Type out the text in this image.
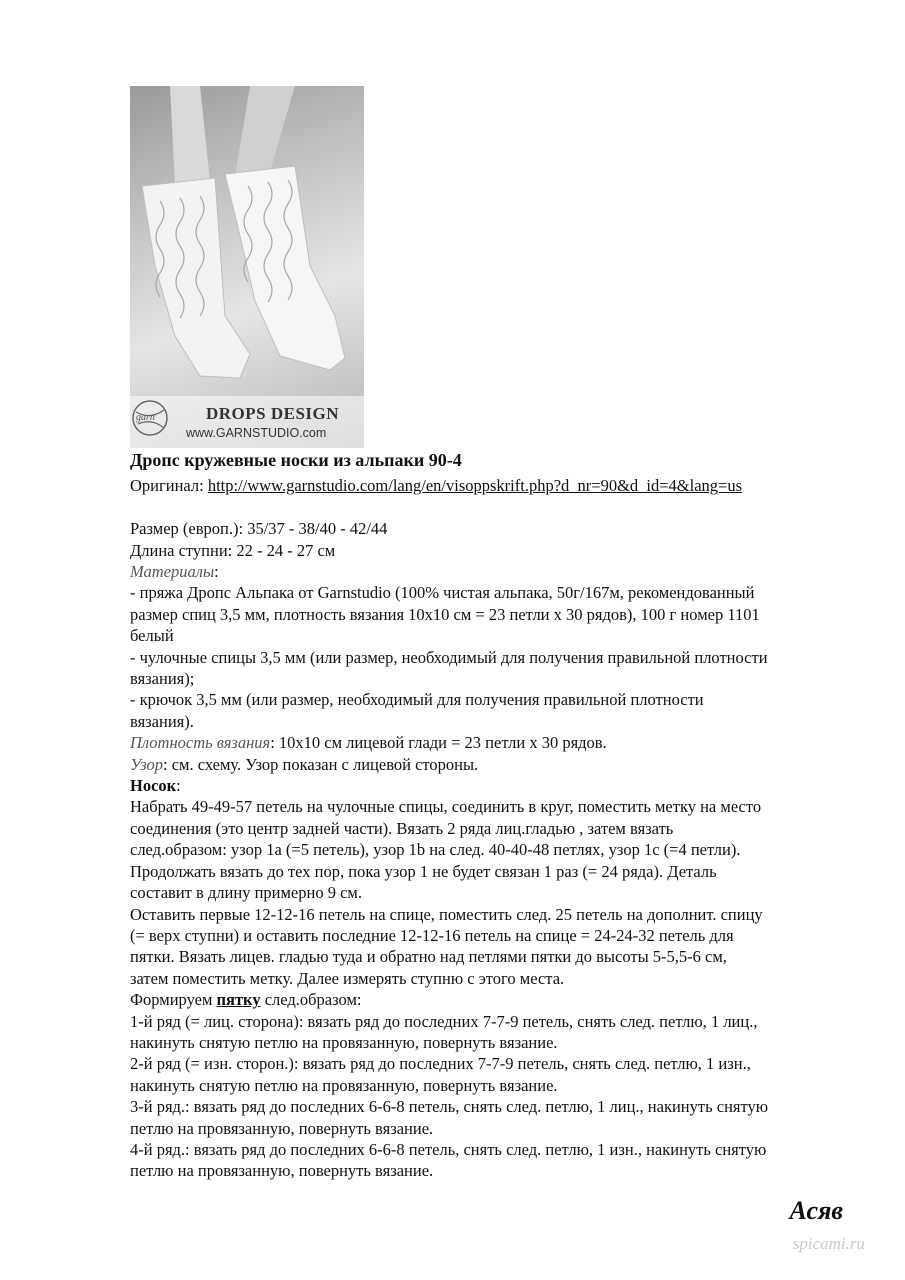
garn	DROPS DESIGN
www.GARNSTUDIO.com
Дропс кружевные носки из альпаки 90-4

Оригинал: http://www.garnstudio.com/lang/en/visoppskrift.php?d_nr=90&d_id=4&lang=us

Размер (европ.): 35/37 - 38/40 - 42/44

Длина ступни: 22 - 24 - 27 см

Материалы:

- пряжа Дропс Альпака от Garnstudio (100% чистая альпака, 50г/167м, рекомендованный

размер спиц 3,5 мм, плотность вязания 10х10 см = 23 петли х 30 рядов), 100 г номер 1101

белый

- чулочные спицы 3,5 мм (или размер, необходимый для получения правильной плотности

вязания);

- крючок 3,5 мм (или размер, необходимый для получения правильной плотности

вязания).

Плотность вязания: 10х10 см лицевой глади = 23 петли х 30 рядов.

Узор: см. схему. Узор показан с лицевой стороны.

Носок:

Набрать 49-49-57 петель на чулочные спицы, соединить в круг, поместить метку на место

соединения (это центр задней части). Вязать 2 ряда лиц.гладью , затем вязать

след.образом: узор 1а (=5 петель), узор 1b на след. 40-40-48 петлях, узор 1с (=4 петли).

Продолжать вязать до тех пор, пока узор 1 не будет связан 1 раз (= 24 ряда). Деталь

составит в длину примерно 9 см.

Оставить первые 12-12-16 петель на спице, поместить след. 25 петель на дополнит. спицу

(= верх ступни) и оставить последние 12-12-16 петель на спице = 24-24-32 петель для

пятки. Вязать лицев. гладью туда и обратно над петлями пятки до высоты 5-5,5-6 см,

затем поместить метку. Далее измерять ступню с этого места.

Формируем пятку след.образом:

1-й ряд (= лиц. сторона): вязать ряд до последних 7-7-9 петель, снять след. петлю, 1 лиц.,

накинуть снятую петлю на провязанную, повернуть вязание.

2-й ряд (= изн. сторон.): вязать ряд до последних 7-7-9 петель, снять след. петлю, 1 изн.,

накинуть снятую петлю на провязанную, повернуть вязание.

3-й ряд.: вязать ряд до последних 6-6-8 петель, снять след. петлю, 1 лиц., накинуть снятую

петлю на провязанную, повернуть вязание.

4-й ряд.: вязать ряд до последних 6-6-8 петель, снять след. петлю, 1 изн., накинуть снятую

петлю на провязанную, повернуть вязание.

Асяв
spicami.ru
